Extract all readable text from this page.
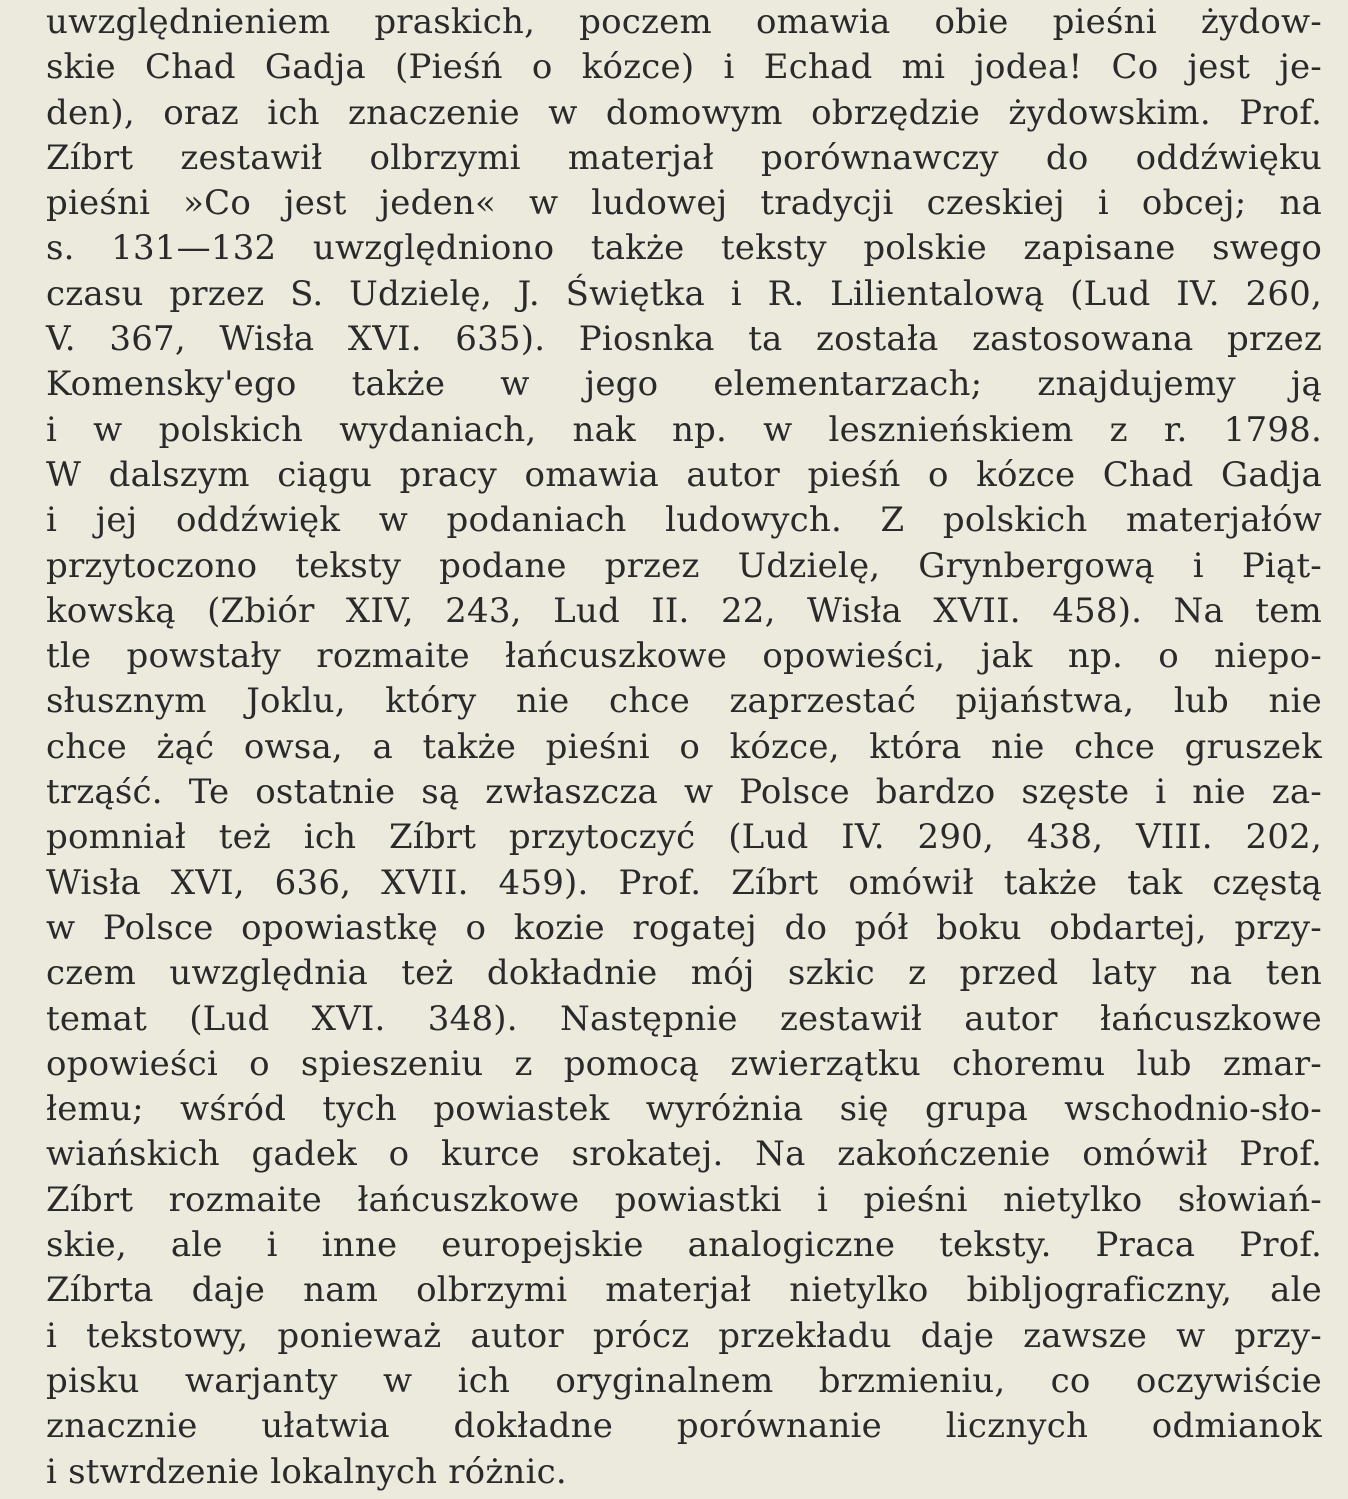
uwzględnieniem praskich, poczem omawia obie pieśni żydow-
skie Chad Gadja (Pieśń o kózce) i Echad mi jodea! Co jest je-
den), oraz ich znaczenie w domowym obrzędzie żydowskim. Prof.
Zíbrt zestawił olbrzymi materjał porównawczy do oddźwięku
pieśni »Co jest jeden« w ludowej tradycji czeskiej i obcej; na
s. 131—132 uwzględniono także teksty polskie zapisane swego
czasu przez S. Udzielę, J. Świętka i R. Lilientalową (Lud IV. 260,
V. 367, Wisła XVI. 635). Piosnka ta została zastosowana przez
Komensky'ego także w jego elementarzach; znajdujemy ją
i w polskich wydaniach, nak np. w leszniеńskiem z r. 1798.
W dalszym ciągu pracy omawia autor pieśń o kózce Chad Gadja
i jej oddźwięk w podaniach ludowych. Z polskich materjałów
przytoczono teksty podane przez Udzielę, Grynbergową i Piąt-
kowską (Zbiór XIV, 243, Lud II. 22, Wisła XVII. 458). Na tem
tle powstały rozmaite łańcuszkowe opowieści, jak np. o niepo-
słusznym Joklu, który nie chce zaprzestać pijaństwa, lub nie
chce żąć owsa, a także pieśni o kózce, która nie chce gruszek
trząść. Te ostatnie są zwłaszcza w Polsce bardzo szęste i nie za-
pomniał też ich Zíbrt przytoczyć (Lud IV. 290, 438, VIII. 202,
Wisła XVI, 636, XVII. 459). Prof. Zíbrt omówił także tak częstą
w Polsce opowiastkę o kozie rogatej do pół boku obdartej, przy-
czem uwzględnia też dokładnie mój szkic z przed laty na ten
temat (Lud XVI. 348). Następnie zestawił autor łańcuszkowe
opowieści o spieszeniu z pomocą zwierzątku choremu lub zmar-
łemu; wśród tych powiastek wyróżnia się grupa wschodnio-sło-
wiańskich gadek o kurce srokatej. Na zakończenie omówił Prof.
Zíbrt rozmaite łańcuszkowe powiastki i pieśni nietylko słowiań-
skie, ale i inne europejskie analogiczne teksty. Praca Prof.
Zíbrta daje nam olbrzymi materjał nietylko bibljograficzny, ale
i tekstowy, ponieważ autor prócz przekładu daje zawsze w przy-
pisku warjanty w ich oryginalnem brzmieniu, co oczywiście
znacznie ułatwia dokładne porównanie licznych odmianok
i stwrdzenie lokalnych różnic.
